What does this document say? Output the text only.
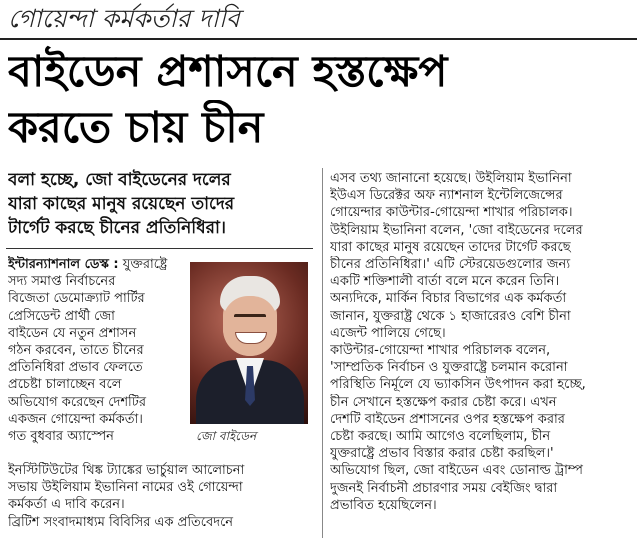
গোয়েন্দা কর্মকর্তার দাবি
বাইডেন প্রশাসনে হস্তক্ষেপ
করতে চায় চীন
বলা হচ্ছে, জো বাইডেনের দলের
যারা কাছের মানুষ রয়েছেন তাদের
টার্গেট করছে চীনের প্রতিনিধিরা।
ইন্টারন্যাশনাল ডেস্ক : যুক্তরাষ্ট্রে
সদ্য সমাপ্ত নির্বাচনের
বিজেতা ডেমোক্র্যাট পার্টির
প্রেসিডেন্ট প্রার্থী জো
বাইডেন যে নতুন প্রশাসন
গঠন করবেন, তাতে চীনের
প্রতিনিধিরা প্রভাব ফেলতে
প্রচেষ্টা চালাচ্ছেন বলে
অভিযোগ করেছেন দেশটির
একজন গোয়েন্দা কর্মকর্তা।
গত বুধবার অ্যাস্পেন	জো বাইডেন
ইনস্টিটিউটের থিঙ্ক ট্যাঙ্কের ভার্চুয়াল আলোচনা
সভায় উইলিয়াম ইভানিনা নামের ওই গোয়েন্দা
কর্মকর্তা এ দাবি করেন।
ব্রিটিশ সংবাদমাধ্যম বিবিসির এক প্রতিবেদনে
এসব তথ্য জানানো হয়েছে। উইলিয়াম ইভানিনা
ইউএস ডিরেক্টর অফ ন্যাশনাল ইন্টেলিজেন্সের
গোয়েন্দার কাউন্টার-গোয়েন্দা শাখার পরিচালক।
উইলিয়াম ইভানিনা বলেন, 'জো বাইডেনের দলের
যারা কাছের মানুষ রয়েছেন তাদের টার্গেট করছে
চীনের প্রতিনিধিরা।' এটি স্টেরয়েডগুলোর জন্য
একটি শক্তিশালী বার্তা বলে মনে করেন তিনি।
অন্যদিকে, মার্কিন বিচার বিভাগের এক কর্মকর্তা
জানান, যুক্তরাষ্ট্র থেকে ১ হাজারেরও বেশি চীনা
এজেন্ট পালিয়ে গেছে।
কাউন্টার-গোয়েন্দা শাখার পরিচালক বলেন,
'সাম্প্রতিক নির্বাচন ও যুক্তরাষ্ট্রে চলমান করোনা
পরিস্থিতি নির্মূলে যে ভ্যাকসিন উৎপাদন করা হচ্ছে,
চীন সেখানে হস্তক্ষেপ করার চেষ্টা করে। এখন
দেশটি বাইডেন প্রশাসনের ওপর হস্তক্ষেপ করার
চেষ্টা করছে। আমি আগেও বলেছিলাম, চীন
যুক্তরাষ্ট্রে প্রভাব বিস্তার করার চেষ্টা করছিল।'
অভিযোগ ছিল, জো বাইডেন এবং ডোনাল্ড ট্রাম্প
দুজনই নির্বাচনী প্রচারণার সময় বেইজিং দ্বারা
প্রভাবিত হয়েছিলেন।
